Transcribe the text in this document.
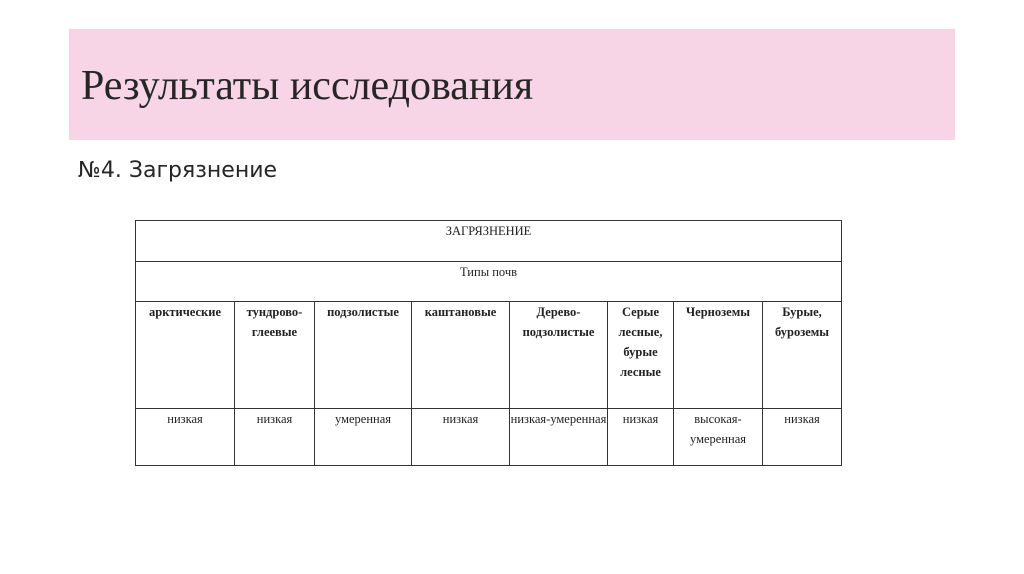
Результаты исследования
№4. Загрязнение
ЗАГРЯЗНЕНИЕ							
Типы почв							

арктические	тундрово-глеевые	подзолистые	каштановые	Дерево-подзолистые	Серые лесные, бурые лесные	Черноземы	Бурые, буроземы

низкая	низкая	умеренная	низкая	низкая-умеренная	низкая	высокая-умеренная	низкая
